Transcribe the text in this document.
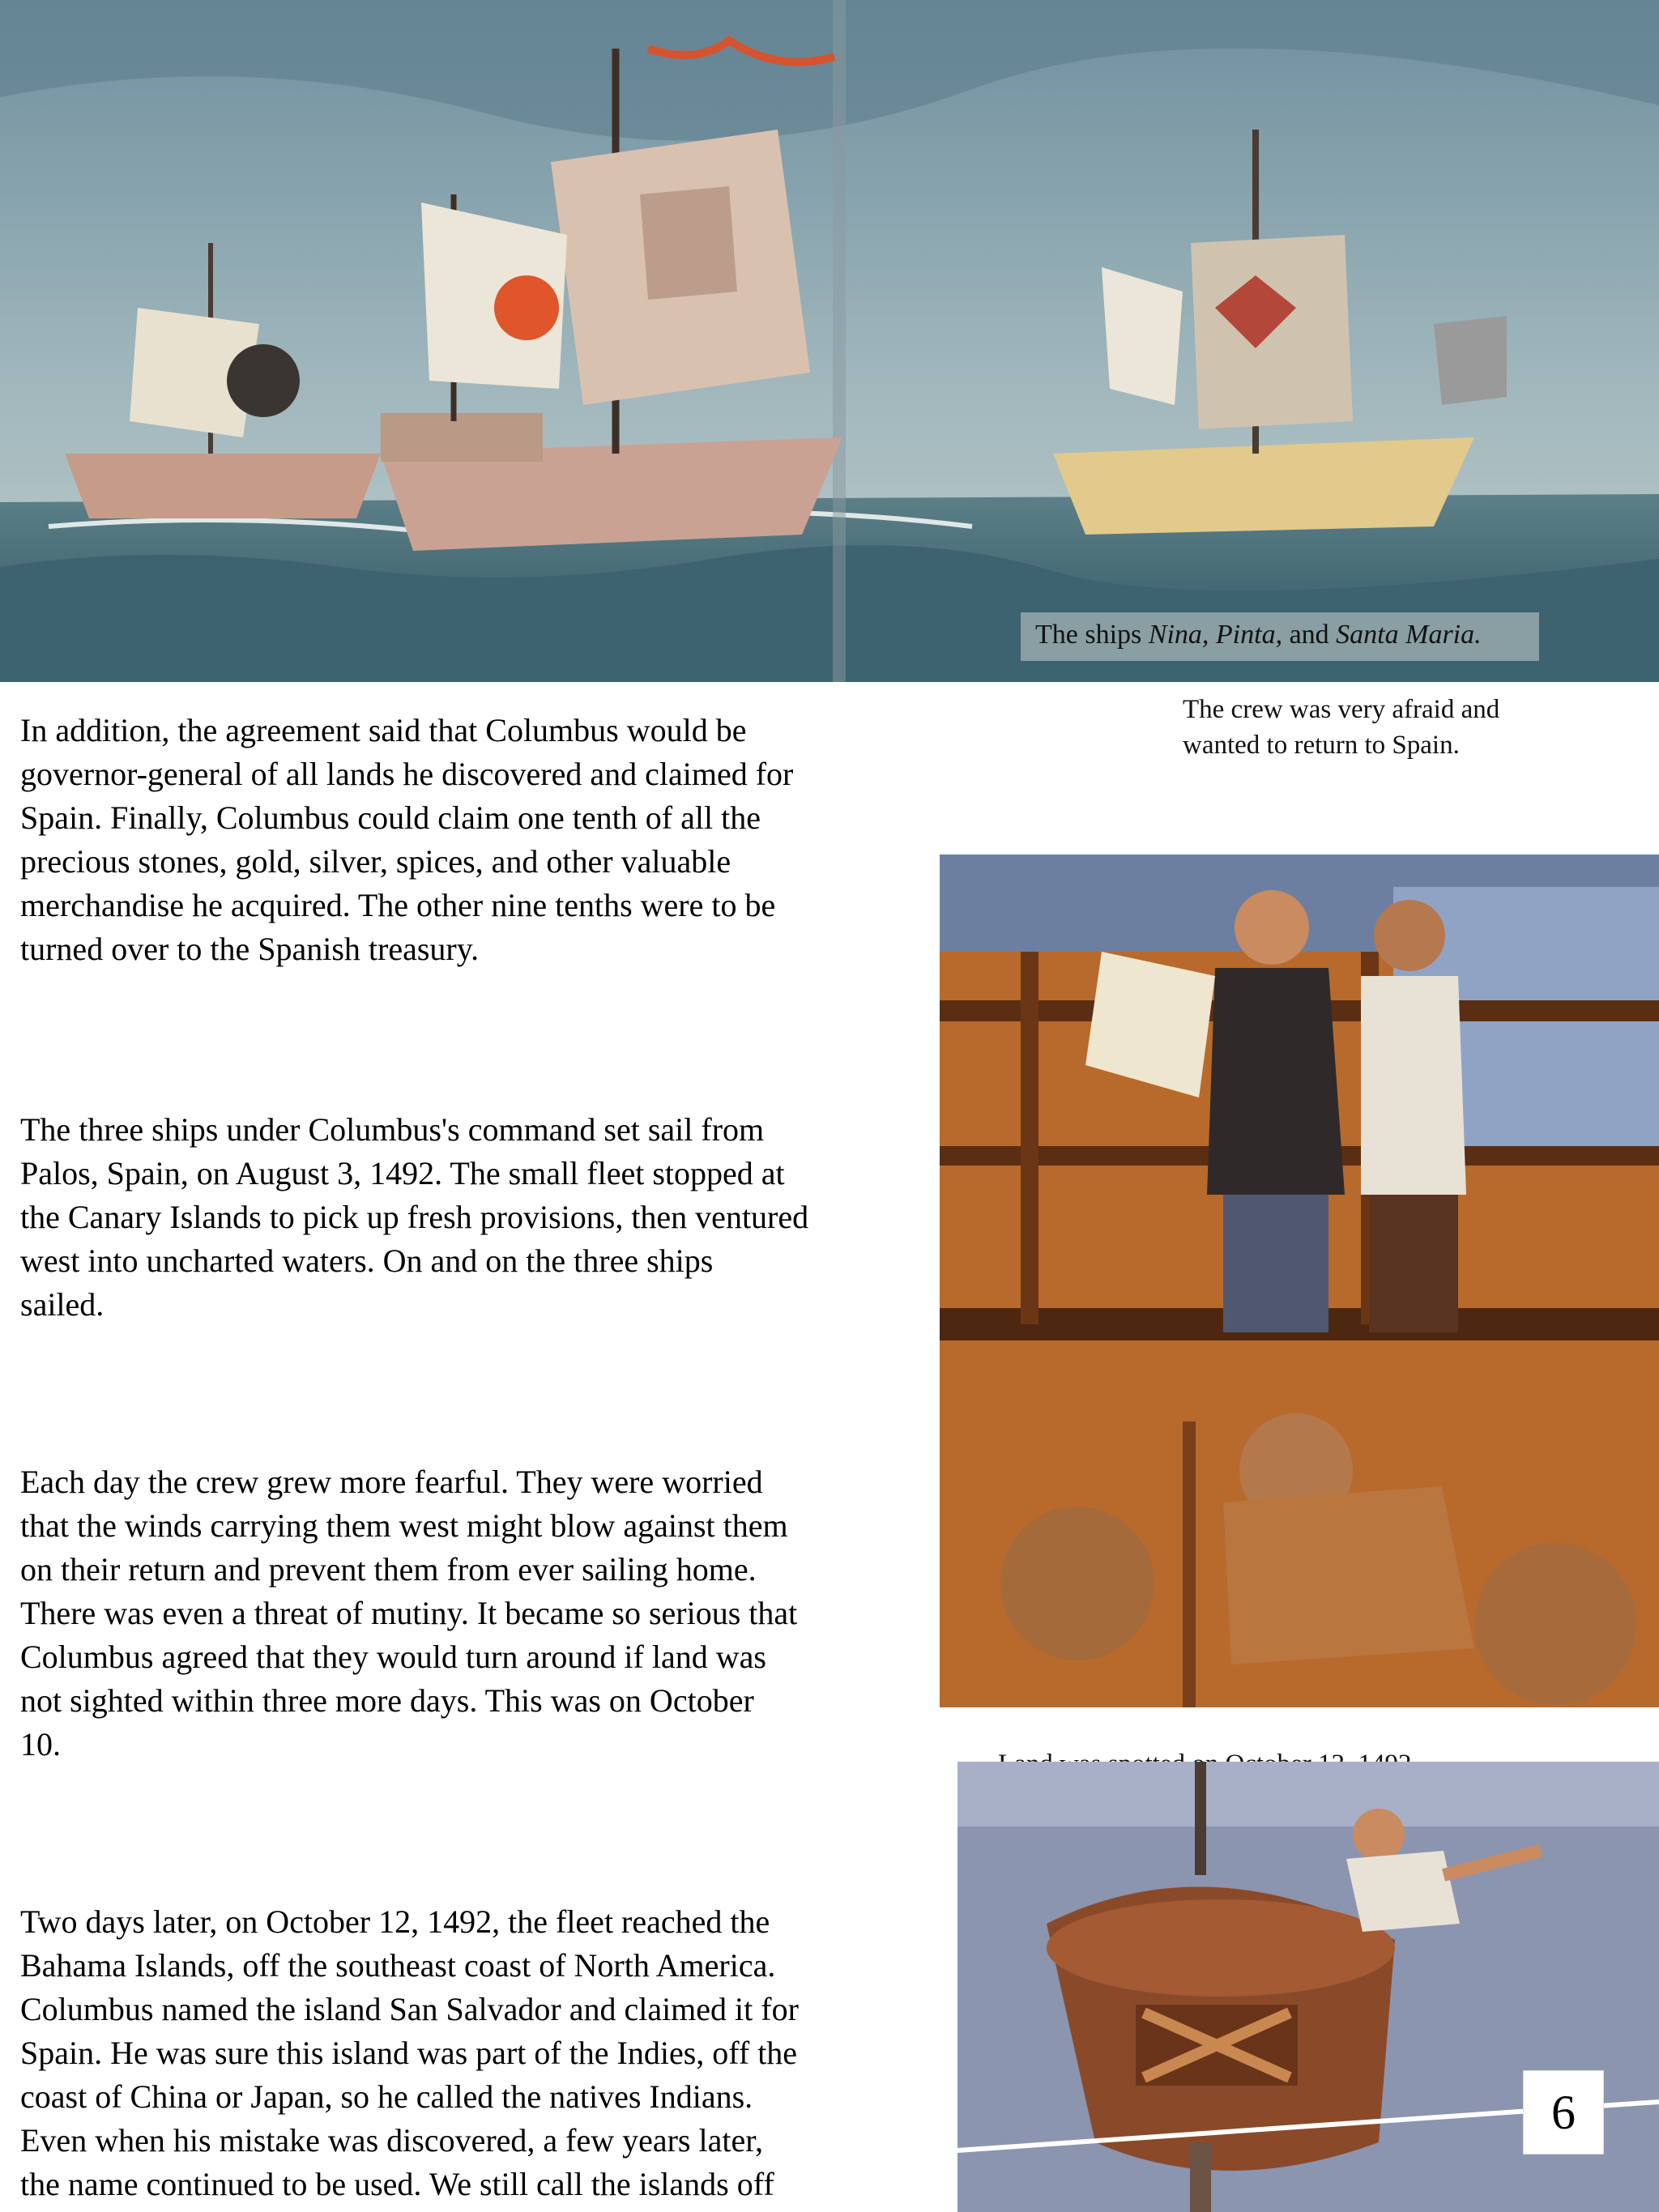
The ships Nina, Pinta, and Santa Maria.
The crew was very afraid and
wanted to return to Spain.

In addition, the agreement said that Columbus would be

governor-general of all lands he discovered and claimed for

Spain. Finally, Columbus could claim one tenth of all the

precious stones, gold, silver, spices, and other valuable

merchandise he acquired. The other nine tenths were to be

turned over to the Spanish treasury.

The three ships under Columbus's command set sail from

Palos, Spain, on August 3, 1492. The small fleet stopped at

the Canary Islands to pick up fresh provisions, then ventured

west into uncharted waters. On and on the three ships

sailed.

Each day the crew grew more fearful. They were worried

that the winds carrying them west might blow against them

on their return and prevent them from ever sailing home.

There was even a threat of mutiny. It became so serious that

Columbus agreed that they would turn around if land was

not sighted within three more days. This was on October

10.

Two days later, on October 12, 1492, the fleet reached the

Bahama Islands, off the southeast coast of North America.

Columbus named the island San Salvador and claimed it for

Spain. He was sure this island was part of the Indies, off the

coast of China or Japan, so he called the natives Indians.

Even when his mistake was discovered, a few years later,

the name continued to be used. We still call the islands off

6
